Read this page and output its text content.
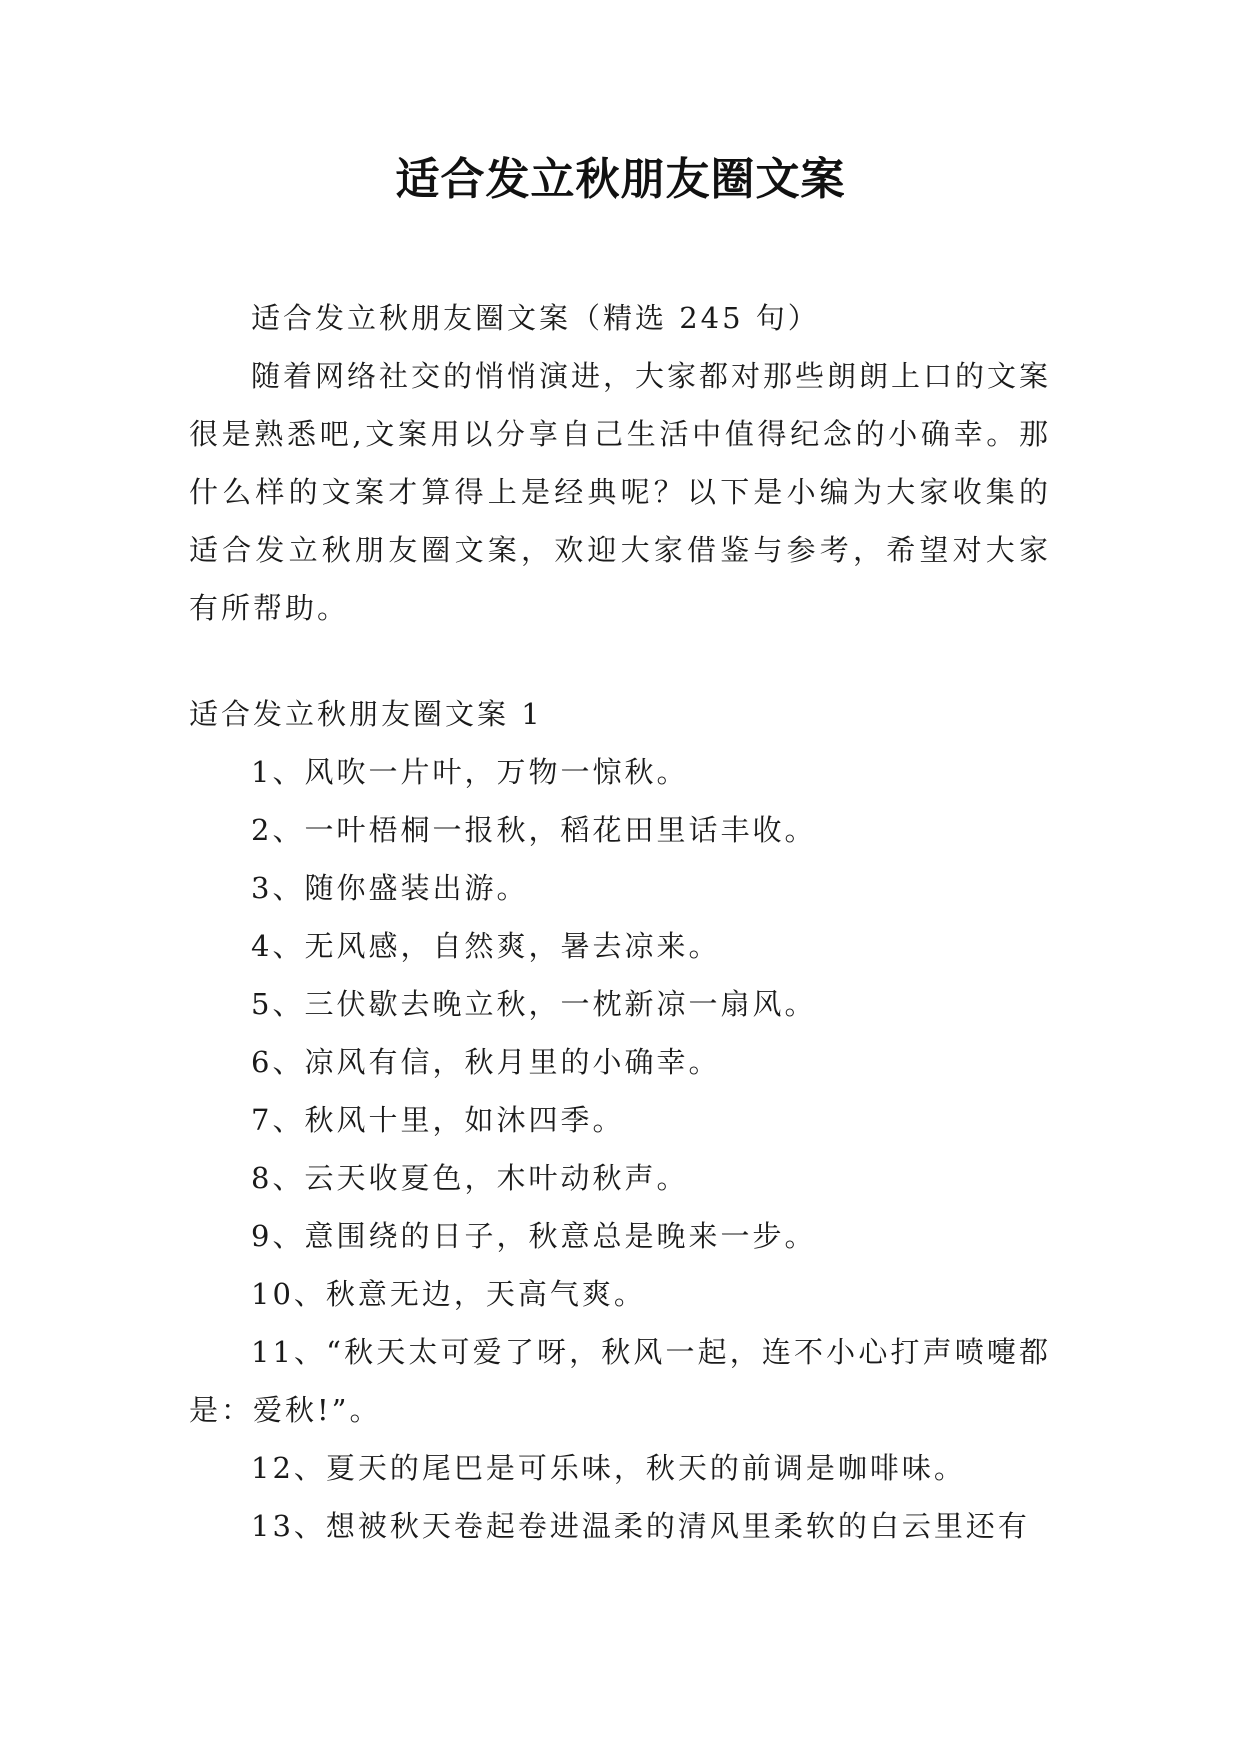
适合发立秋朋友圈文案

适合发立秋朋友圈文案（精选 245 句）

随着网络社交的悄悄演进，大家都对那些朗朗上口的文案很是熟悉吧,文案用以分享自己生活中值得纪念的小确幸。那什么样的文案才算得上是经典呢？以下是小编为大家收集的适合发立秋朋友圈文案，欢迎大家借鉴与参考，希望对大家有所帮助。

适合发立秋朋友圈文案 1

1、风吹一片叶，万物一惊秋。

2、一叶梧桐一报秋，稻花田里话丰收。

3、随你盛装出游。

4、无风感，自然爽，暑去凉来。

5、三伏歇去晚立秋，一枕新凉一扇风。

6、凉风有信，秋月里的小确幸。

7、秋风十里，如沐四季。

8、云天收夏色，木叶动秋声。

9、意围绕的日子，秋意总是晚来一步。

10、秋意无边，天高气爽。

11、“秋天太可爱了呀，秋风一起，连不小心打声喷嚏都是：爱秋!”。

12、夏天的尾巴是可乐味，秋天的前调是咖啡味。

13、想被秋天卷起卷进温柔的清风里柔软的白云里还有
